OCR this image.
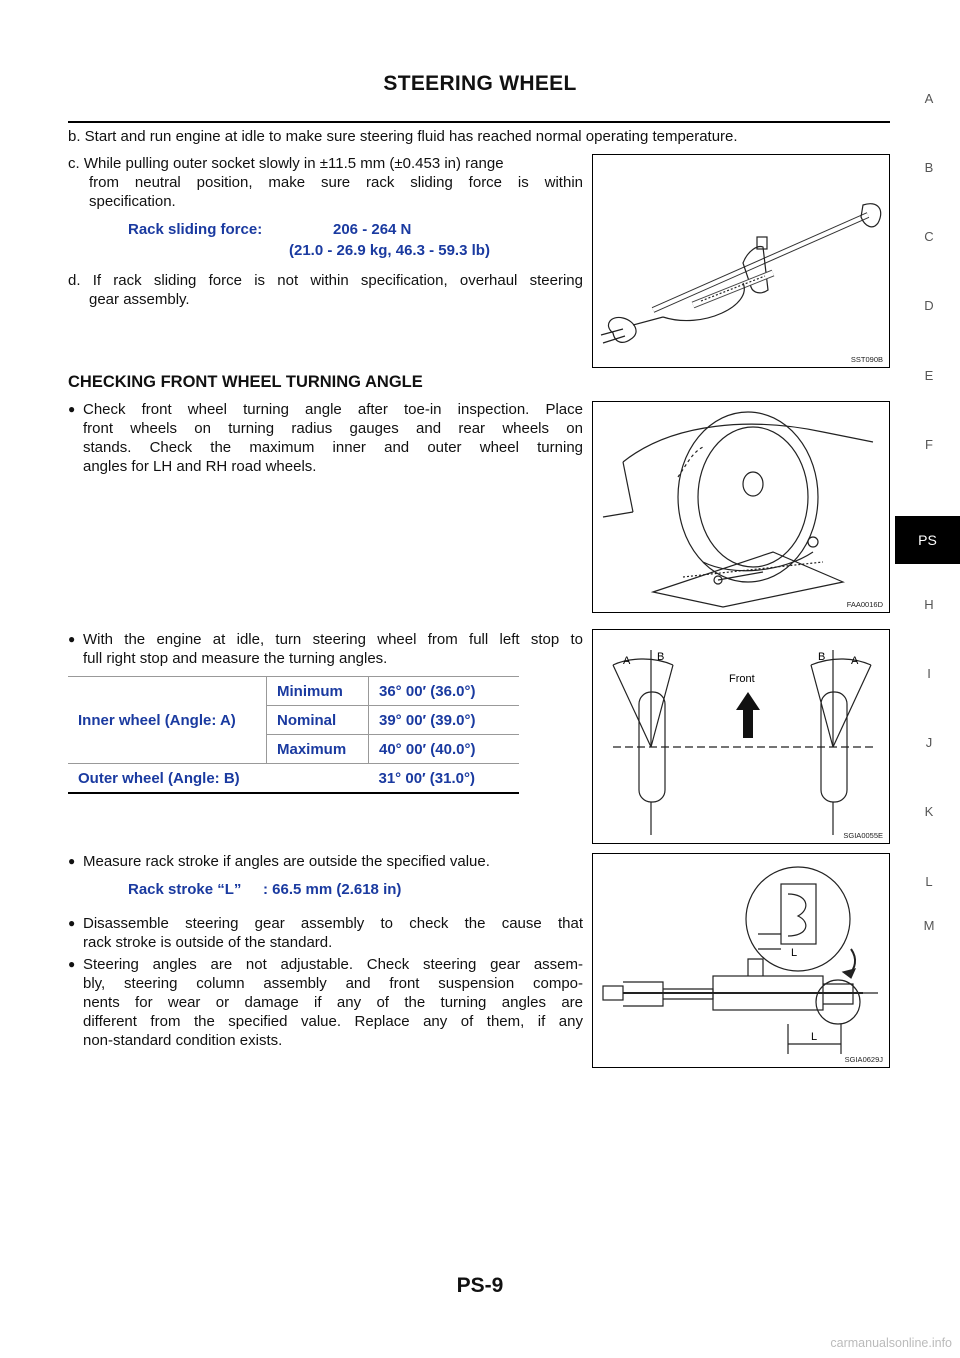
STEERING WHEEL
A
B
C
D
E
F
PS
H
I
J
K
L
M
b. Start and run engine at idle to make sure steering fluid has reached normal operating temperature.
c. While pulling outer socket slowly in ±11.5 mm (±0.453 in) range
from neutral position, make sure rack sliding force is within
specification.
Rack sliding force:	206 - 264 N
(21.0 - 26.9 kg, 46.3 - 59.3 lb)
d. If rack sliding force is not within specification, overhaul steering
gear assembly.
SST090B
CHECKING FRONT WHEEL TURNING ANGLE
● Check front wheel turning angle after toe-in inspection. Place
front wheels on turning radius gauges and rear wheels on
stands. Check the maximum inner and outer wheel turning
angles for LH and RH road wheels.
FAA0016D
● With the engine at idle, turn steering wheel from full left stop to
full right stop and measure the turning angles.
Inner wheel (Angle: A)	Minimum	36° 00′ (36.0°)
	Nominal	39° 00′ (39.0°)
	Maximum	40° 00′ (40.0°)
Outer wheel (Angle: B)		31° 00′ (31.0°)
Front
A B	B A
SGIA0055E
● Measure rack stroke if angles are outside the specified value.
Rack stroke “L” : 66.5 mm (2.618 in)
● Disassemble steering gear assembly to check the cause that
rack stroke is outside of the standard.
● Steering angles are not adjustable. Check steering gear assem-
bly, steering column assembly and front suspension compo-
nents for wear or damage if any of the turning angles are
different from the specified value. Replace any of them, if any
non-standard condition exists.
L
L
SGIA0629J
PS-9
carmanualsonline.info
